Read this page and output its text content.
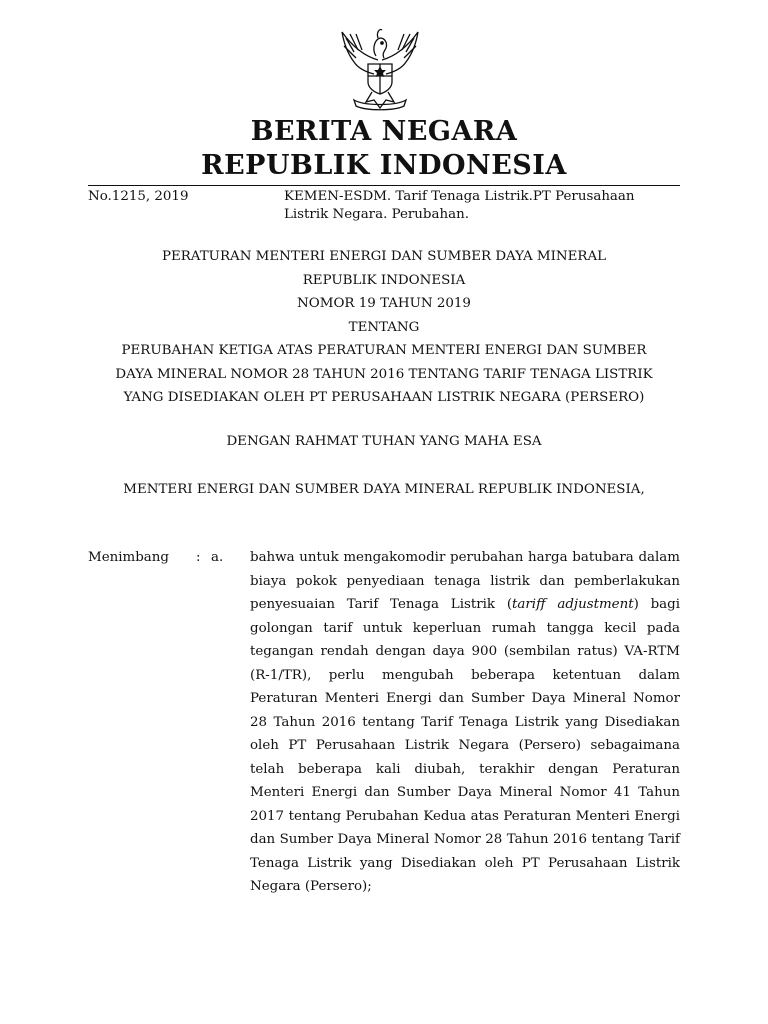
BERITA NEGARA
REPUBLIK INDONESIA
No.1215, 2019	KEMEN-ESDM. Tarif Tenaga Listrik.PT Perusahaan
Listrik Negara. Perubahan.
PERATURAN MENTERI ENERGI DAN SUMBER DAYA MINERAL
REPUBLIK INDONESIA
NOMOR 19 TAHUN 2019
TENTANG
PERUBAHAN KETIGA ATAS PERATURAN MENTERI ENERGI DAN SUMBER
DAYA MINERAL NOMOR 28 TAHUN 2016 TENTANG TARIF TENAGA LISTRIK
YANG DISEDIAKAN OLEH PT PERUSAHAAN LISTRIK NEGARA (PERSERO)
DENGAN RAHMAT TUHAN YANG MAHA ESA
MENTERI ENERGI DAN SUMBER DAYA MINERAL REPUBLIK INDONESIA,
Menimbang : a. bahwa untuk mengakomodir perubahan harga batubara dalam biaya pokok penyediaan tenaga listrik dan pemberlakukan penyesuaian Tarif Tenaga Listrik (tariff adjustment) bagi golongan tarif untuk keperluan rumah tangga kecil pada tegangan rendah dengan daya 900 (sembilan ratus) VA-RTM (R-1/TR), perlu mengubah beberapa ketentuan dalam Peraturan Menteri Energi dan Sumber Daya Mineral Nomor 28 Tahun 2016 tentang Tarif Tenaga Listrik yang Disediakan oleh PT Perusahaan Listrik Negara (Persero) sebagaimana telah beberapa kali diubah, terakhir dengan Peraturan Menteri Energi dan Sumber Daya Mineral Nomor 41 Tahun 2017 tentang Perubahan Kedua atas Peraturan Menteri Energi dan Sumber Daya Mineral Nomor 28 Tahun 2016 tentang Tarif Tenaga Listrik yang Disediakan oleh PT Perusahaan Listrik Negara (Persero);
